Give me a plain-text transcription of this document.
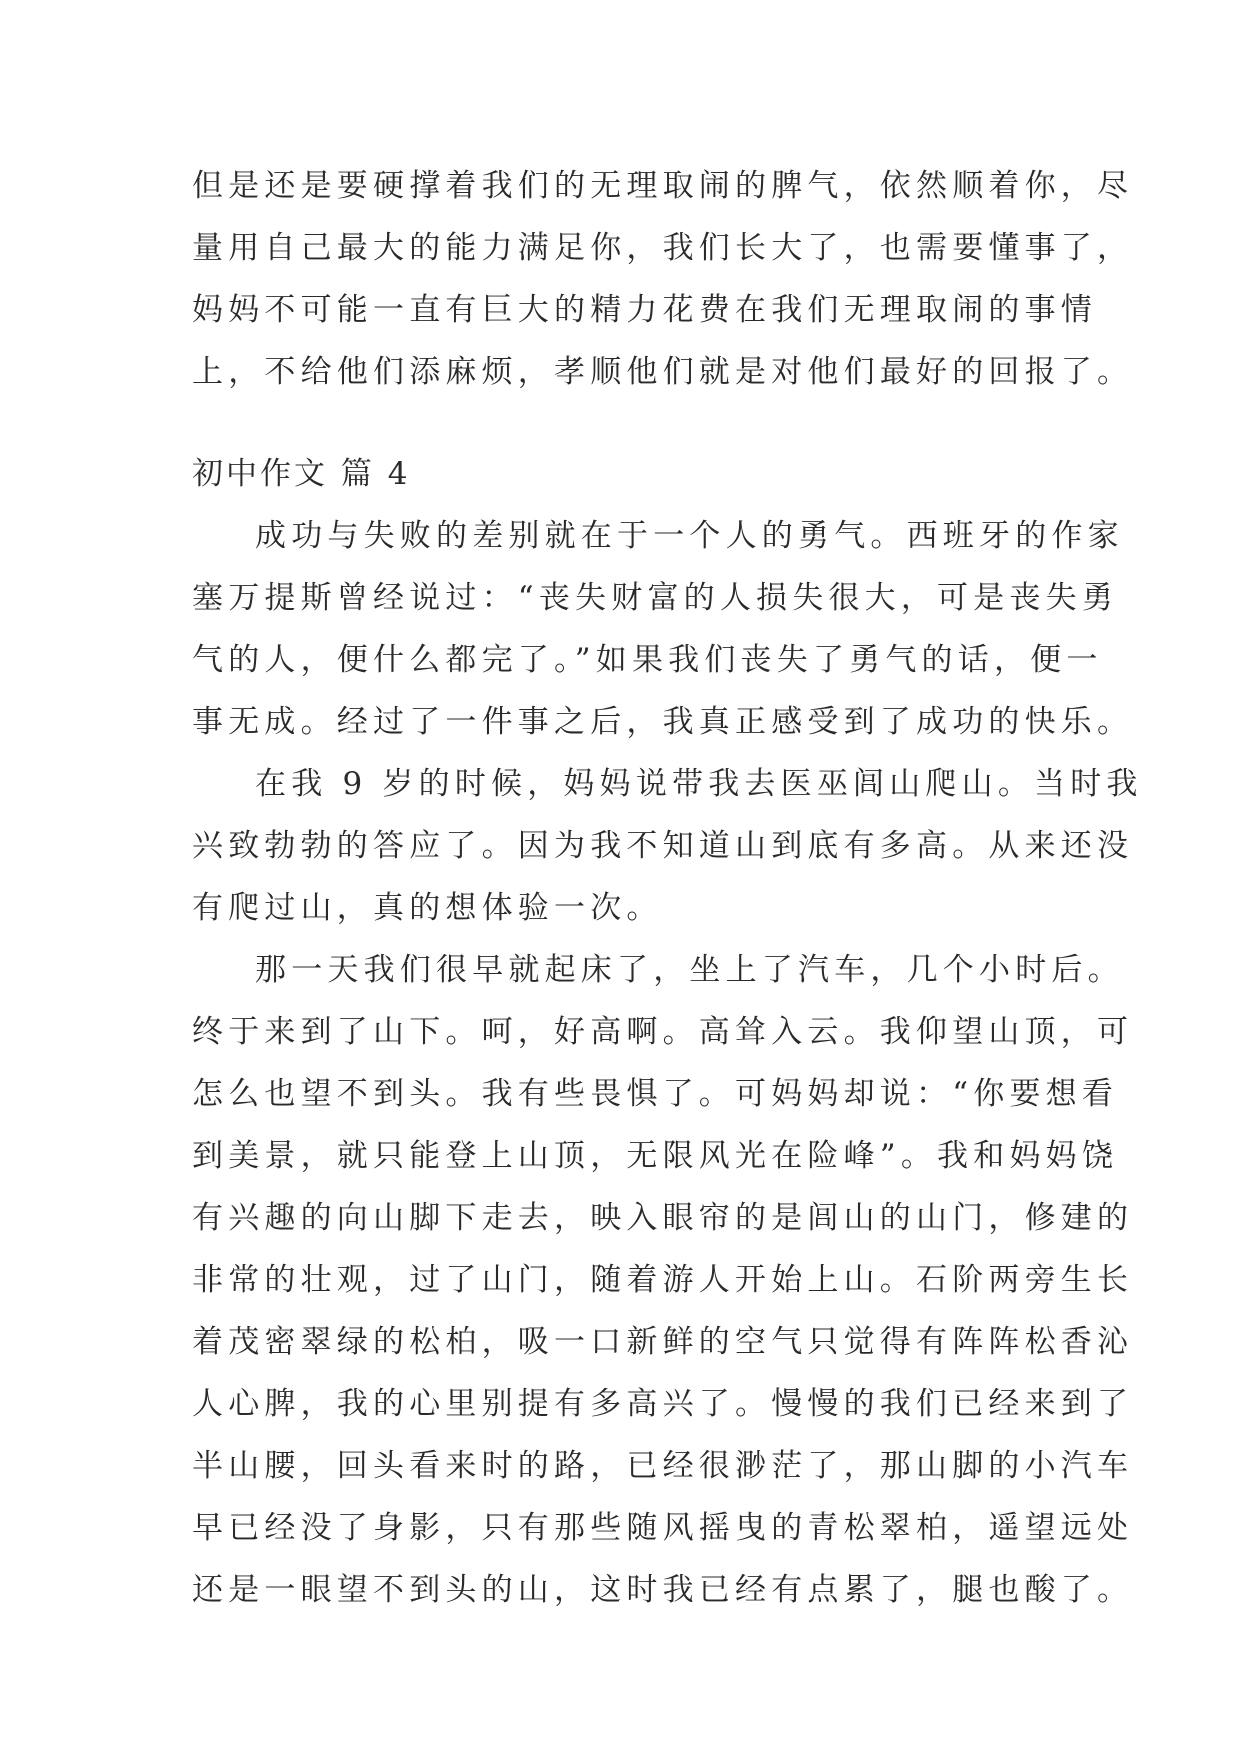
但是还是要硬撑着我们的无理取闹的脾气，依然顺着你，尽
量用自己最大的能力满足你，我们长大了，也需要懂事了，
妈妈不可能一直有巨大的精力花费在我们无理取闹的事情
上，不给他们添麻烦，孝顺他们就是对他们最好的回报了。
初中作文 篇 4
成功与失败的差别就在于一个人的勇气。西班牙的作家
塞万提斯曾经说过：“丧失财富的人损失很大，可是丧失勇
气的人，便什么都完了。”如果我们丧失了勇气的话，便一
事无成。经过了一件事之后，我真正感受到了成功的快乐。
在我 9 岁的时候，妈妈说带我去医巫闾山爬山。当时我
兴致勃勃的答应了。因为我不知道山到底有多高。从来还没
有爬过山，真的想体验一次。
那一天我们很早就起床了，坐上了汽车，几个小时后。
终于来到了山下。呵，好高啊。高耸入云。我仰望山顶，可
怎么也望不到头。我有些畏惧了。可妈妈却说：“你要想看
到美景，就只能登上山顶，无限风光在险峰”。我和妈妈饶
有兴趣的向山脚下走去，映入眼帘的是闾山的山门，修建的
非常的壮观，过了山门，随着游人开始上山。石阶两旁生长
着茂密翠绿的松柏，吸一口新鲜的空气只觉得有阵阵松香沁
人心脾，我的心里别提有多高兴了。慢慢的我们已经来到了
半山腰，回头看来时的路，已经很渺茫了，那山脚的小汽车
早已经没了身影，只有那些随风摇曳的青松翠柏，遥望远处
还是一眼望不到头的山，这时我已经有点累了，腿也酸了。
